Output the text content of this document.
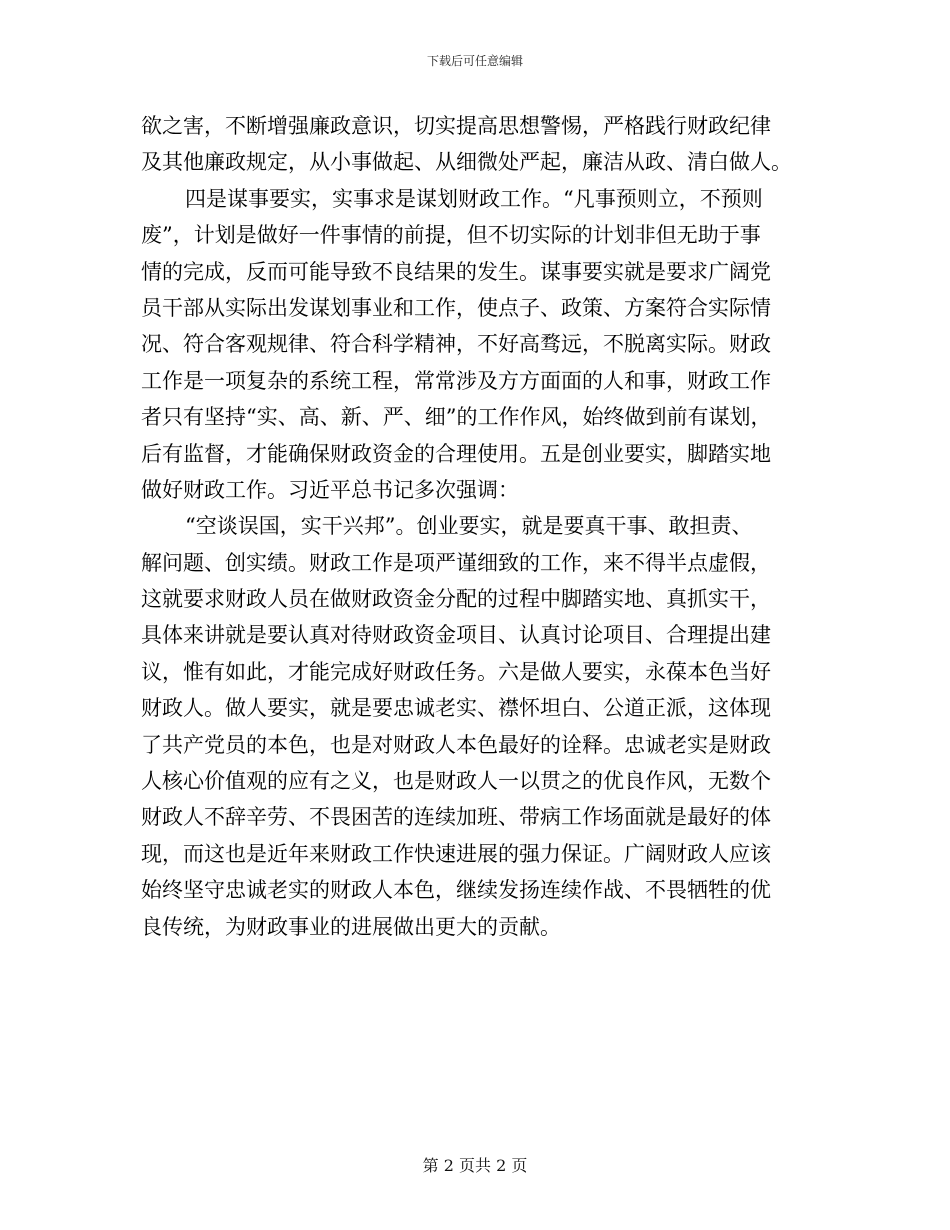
下载后可任意编辑
欲之害，不断增强廉政意识，切实提高思想警惕，严格践行财政纪律
及其他廉政规定，从小事做起、从细微处严起，廉洁从政、清白做人。
四是谋事要实，实事求是谋划财政工作。“凡事预则立，不预则
废”，计划是做好一件事情的前提，但不切实际的计划非但无助于事
情的完成，反而可能导致不良结果的发生。谋事要实就是要求广阔党
员干部从实际出发谋划事业和工作，使点子、政策、方案符合实际情
况、符合客观规律、符合科学精神，不好高骛远，不脱离实际。财政
工作是一项复杂的系统工程，常常涉及方方面面的人和事，财政工作
者只有坚持“实、高、新、严、细”的工作作风，始终做到前有谋划，
后有监督，才能确保财政资金的合理使用。五是创业要实，脚踏实地
做好财政工作。习近平总书记多次强调：
“空谈误国，实干兴邦”。创业要实，就是要真干事、敢担责、
解问题、创实绩。财政工作是项严谨细致的工作，来不得半点虚假，
这就要求财政人员在做财政资金分配的过程中脚踏实地、真抓实干，
具体来讲就是要认真对待财政资金项目、认真讨论项目、合理提出建
议，惟有如此，才能完成好财政任务。六是做人要实，永葆本色当好
财政人。做人要实，就是要忠诚老实、襟怀坦白、公道正派，这体现
了共产党员的本色，也是对财政人本色最好的诠释。忠诚老实是财政
人核心价值观的应有之义，也是财政人一以贯之的优良作风，无数个
财政人不辞辛劳、不畏困苦的连续加班、带病工作场面就是最好的体
现，而这也是近年来财政工作快速进展的强力保证。广阔财政人应该
始终坚守忠诚老实的财政人本色，继续发扬连续作战、不畏牺牲的优
良传统，为财政事业的进展做出更大的贡献。
第 2 页共 2 页
